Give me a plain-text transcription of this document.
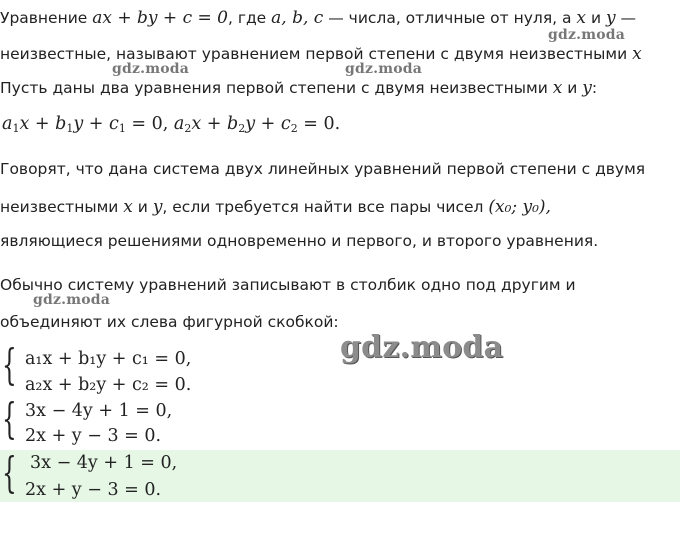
Уравнение ax + by + c = 0, где a, b, c — числа, отличные от нуля, а x и y —
неизвестные, называют уравнением первой степени с двумя неизвестными x
Пусть даны два уравнения первой степени с двумя неизвестными x и y:
$a_1x + b_1y + c_1 = 0$, $a_2x + b_2y + c_2 = 0$.
Говорят, что дана система двух линейных уравнений первой степени с двумя
неизвестными x и y, если требуется найти все пары чисел (x₀; y₀),
являющиеся решениями одновременно и первого, и второго уравнения.
Обычно систему уравнений записывают в столбик одно под другим и
объединяют их слева фигурной скобкой:
{ a₁x + b₁y + c₁ = 0,
a₂x + b₂y + c₂ = 0.
{ 3x − 4y + 1 = 0,
2x + y − 3 = 0.
{ 3x − 4y + 1 = 0,
2x + y − 3 = 0.
gdz.moda
gdz.moda	gdz.moda
gdz.moda
gdz.moda
